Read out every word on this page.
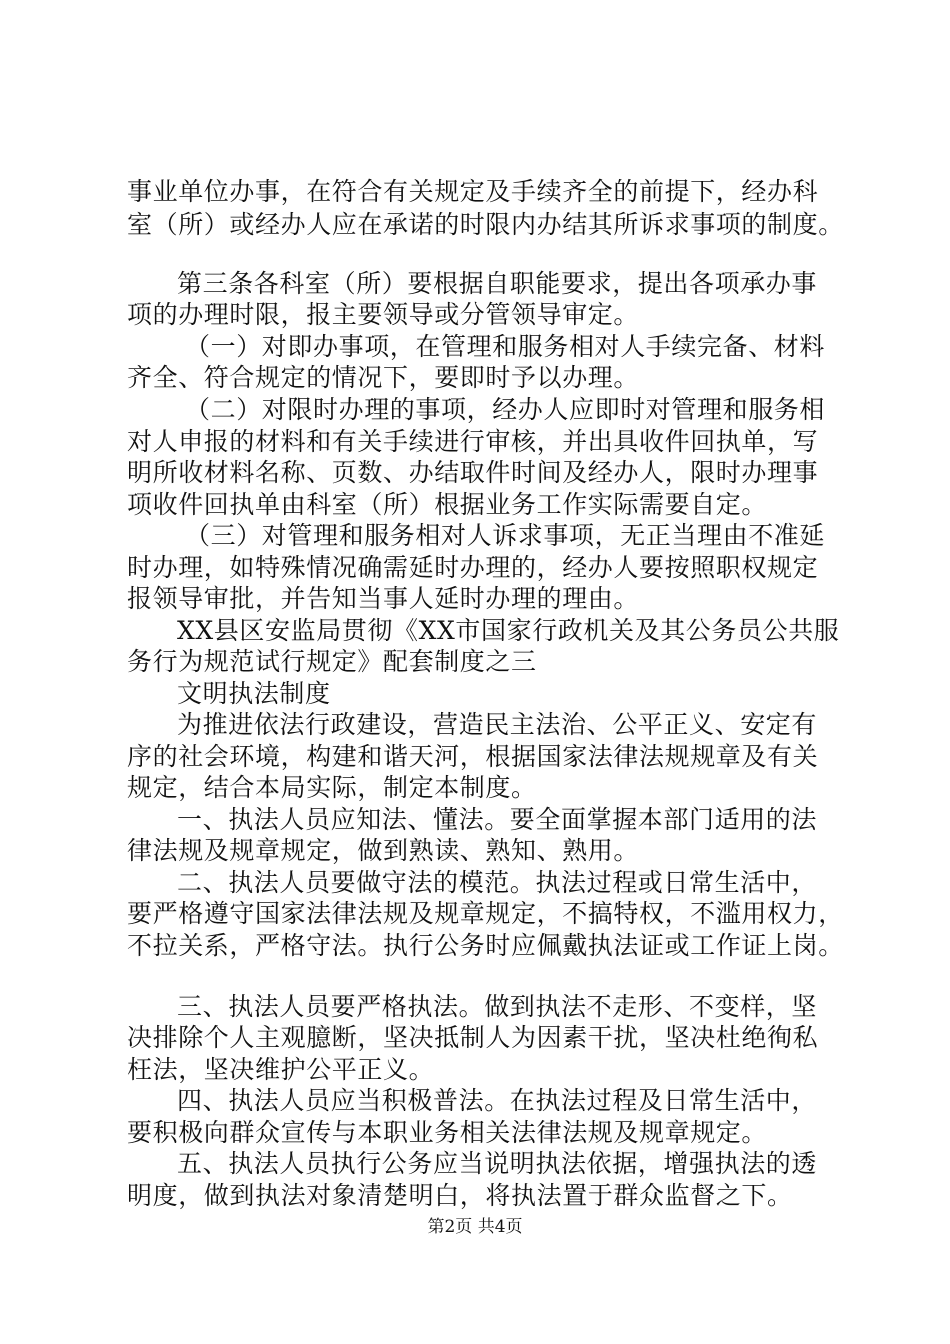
事业单位办事，在符合有关规定及手续齐全的前提下，经办科

室（所）或经办人应在承诺的时限内办结其所诉求事项的制度。

第三条各科室（所）要根据自职能要求，提出各项承办事

项的办理时限，报主要领导或分管领导审定。

（一）对即办事项，在管理和服务相对人手续完备、材料

齐全、符合规定的情况下，要即时予以办理。

（二）对限时办理的事项，经办人应即时对管理和服务相

对人申报的材料和有关手续进行审核，并出具收件回执单，写

明所收材料名称、页数、办结取件时间及经办人，限时办理事

项收件回执单由科室（所）根据业务工作实际需要自定。

（三）对管理和服务相对人诉求事项，无正当理由不准延

时办理，如特殊情况确需延时办理的，经办人要按照职权规定

报领导审批，并告知当事人延时办理的理由。

XX县区安监局贯彻《XX市国家行政机关及其公务员公共服

务行为规范试行规定》配套制度之三

文明执法制度

为推进依法行政建设，营造民主法治、公平正义、安定有

序的社会环境，构建和谐天河，根据国家法律法规规章及有关

规定，结合本局实际，制定本制度。

一、执法人员应知法、懂法。要全面掌握本部门适用的法

律法规及规章规定，做到熟读、熟知、熟用。

二、执法人员要做守法的模范。执法过程或日常生活中，

要严格遵守国家法律法规及规章规定，不搞特权，不滥用权力，

不拉关系，严格守法。执行公务时应佩戴执法证或工作证上岗。

三、执法人员要严格执法。做到执法不走形、不变样，坚

决排除个人主观臆断，坚决抵制人为因素干扰，坚决杜绝徇私

枉法，坚决维护公平正义。

四、执法人员应当积极普法。在执法过程及日常生活中，

要积极向群众宣传与本职业务相关法律法规及规章规定。

五、执法人员执行公务应当说明执法依据，增强执法的透

明度，做到执法对象清楚明白，将执法置于群众监督之下。

第2页 共4页
